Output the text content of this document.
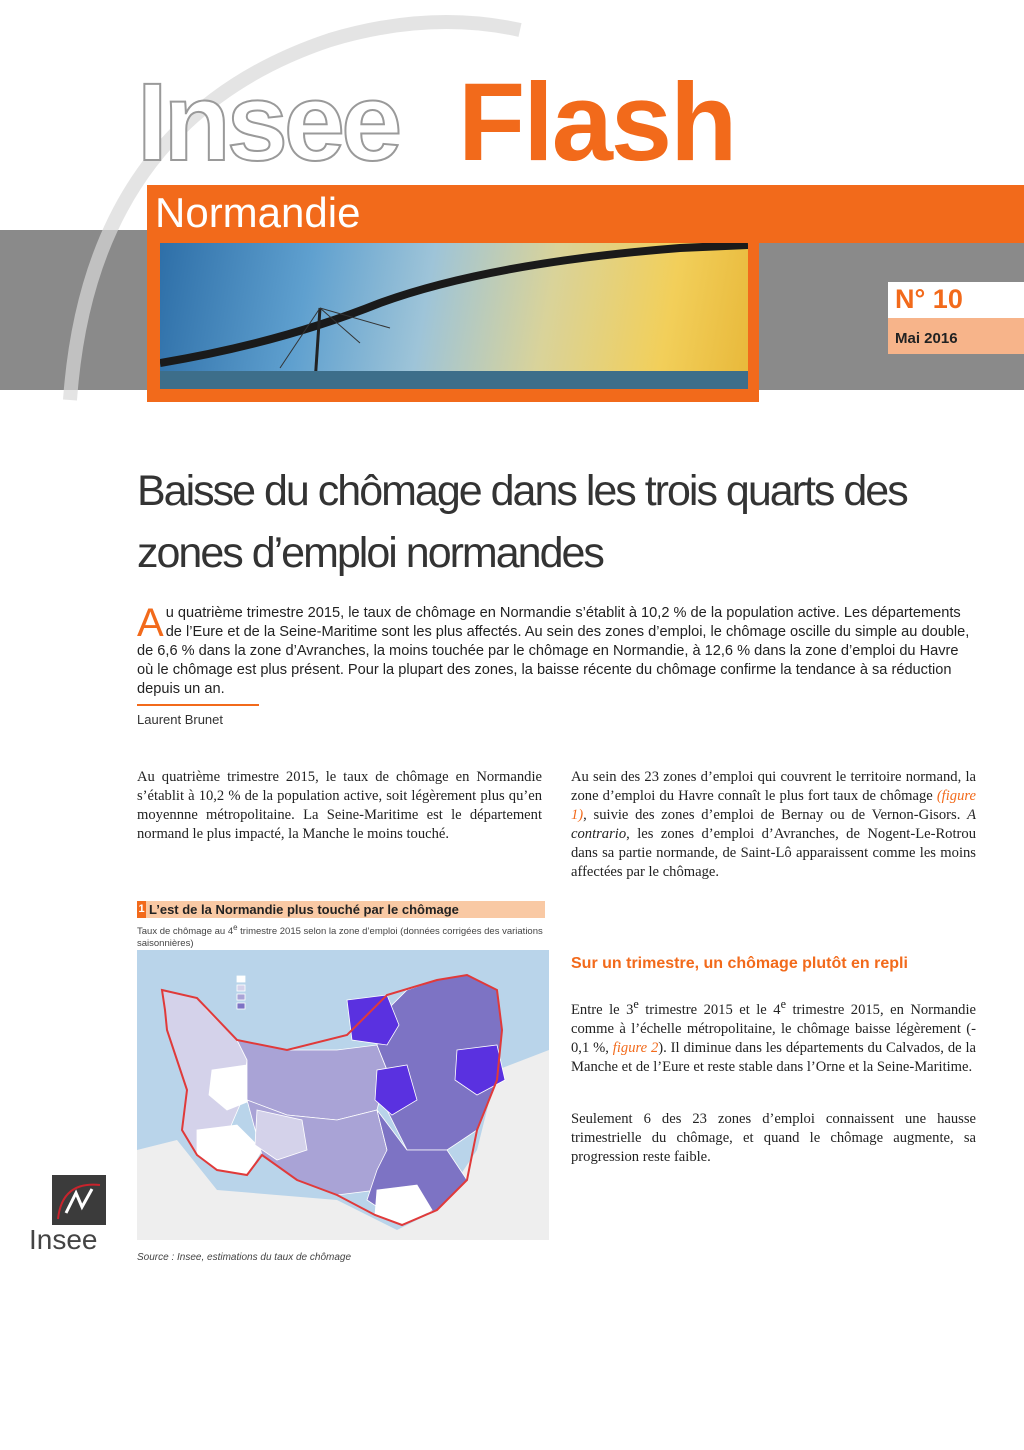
Insee Flash
Normandie
N° 10
Mai 2016
Baisse du chômage dans les trois quarts des
zones d’emploi normandes
Au quatrième trimestre 2015, le taux de chômage en Normandie s’établit à 10,2 % de la population active. Les départements de l’Eure et de la Seine-Maritime sont les plus affectés. Au sein des zones d’emploi, le chômage oscille du simple au double, de 6,6 % dans la zone d’Avranches, la moins touchée par le chômage en Normandie, à 12,6 % dans la zone d’emploi du Havre où le chômage est plus présent. Pour la plupart des zones, la baisse récente du chômage confirme la tendance à sa réduction depuis un an.
Laurent Brunet
Au quatrième trimestre 2015, le taux de chômage en Normandie s’établit à 10,2 % de la population active, soit légèrement plus qu’en moyennne métropolitaine. La Seine-Maritime est le département normand le plus impacté, la Manche le moins touché.
Au sein des 23 zones d’emploi qui couvrent le territoire normand, la zone d’emploi du Havre connaît le plus fort taux de chômage (figure 1), suivie des zones d’emploi de Bernay ou de Vernon-Gisors. A contrario, les zones d’emploi d’Avranches, de Nogent-Le-Rotrou dans sa partie normande, de Saint-Lô apparaissent comme les moins affectées par le chômage.
Sur un trimestre, un chômage plutôt en repli
Entre le 3e trimestre 2015 et le 4e trimestre 2015, en Normandie comme à l’échelle métropolitaine, le chômage baisse légèrement (- 0,1 %, figure 2). Il diminue dans les départements du Calvados, de la Manche et de l’Eure et reste stable dans l’Orne et la Seine-Maritime.
Seulement 6 des 23 zones d’emploi connaissent une hausse trimestrielle du chômage, et quand le chômage augmente, sa progression reste faible.
1 L’est de la Normandie plus touché par le chômage
Taux de chômage au 4e trimestre 2015 selon la zone d’emploi (données corrigées des variations saisonnières)
Source : Insee, estimations du taux de chômage
Insee
